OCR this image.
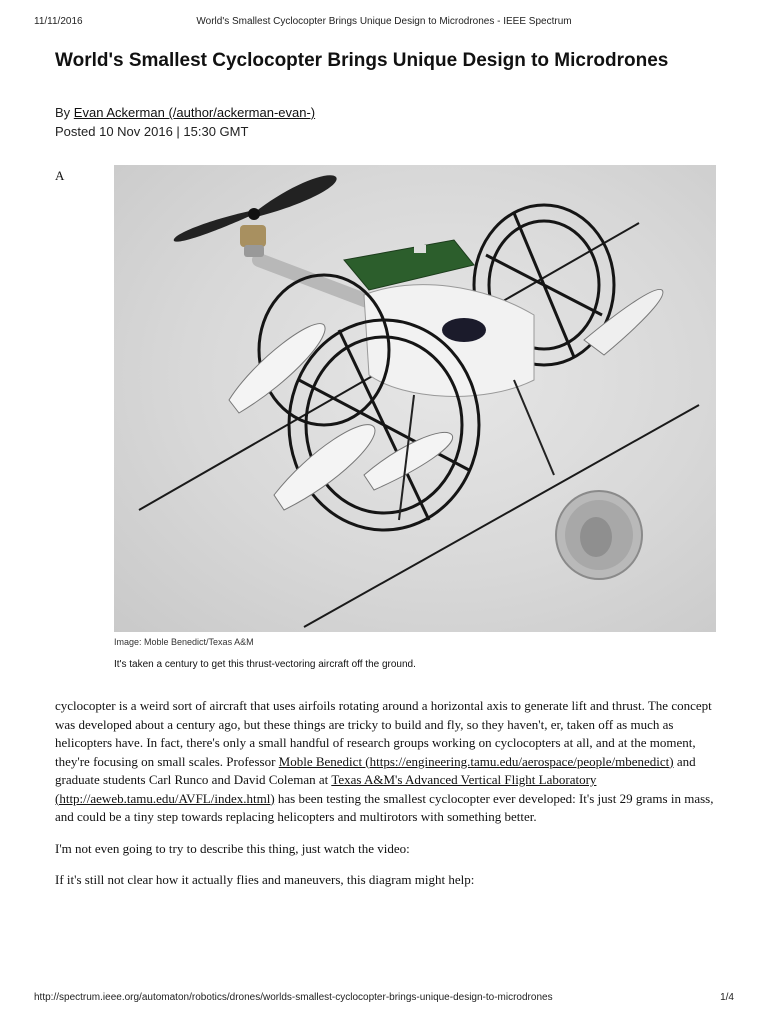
11/11/2016	World's Smallest Cyclocopter Brings Unique Design to Microdrones - IEEE Spectrum
World's Smallest Cyclocopter Brings Unique Design to Microdrones
By Evan Ackerman (/author/ackerman-evan-)
Posted 10 Nov 2016 | 15:30 GMT
A
Image: Moble Benedict/Texas A&M
It's taken a century to get this thrust-vectoring aircraft off the ground.

cyclocopter is a weird sort of aircraft that uses airfoils rotating around a horizontal axis to generate lift and thrust. The concept was developed about a century ago, but these things are tricky to build and fly, so they haven't, er, taken off as much as helicopters have. In fact, there's only a small handful of research groups working on cyclocopters at all, and at the moment, they're focusing on small scales. Professor Moble Benedict (https://engineering.tamu.edu/aerospace/people/mbenedict) and graduate students Carl Runco and David Coleman at Texas A&M's Advanced Vertical Flight Laboratory (http://aeweb.tamu.edu/AVFL/index.html) has been testing the smallest cyclocopter ever developed: It's just 29 grams in mass, and could be a tiny step towards replacing helicopters and multirotors with something better.

I'm not even going to try to describe this thing, just watch the video:

If it's still not clear how it actually flies and maneuvers, this diagram might help:

http://spectrum.ieee.org/automaton/robotics/drones/worlds-smallest-cyclocopter-brings-unique-design-to-microdrones	1/4
